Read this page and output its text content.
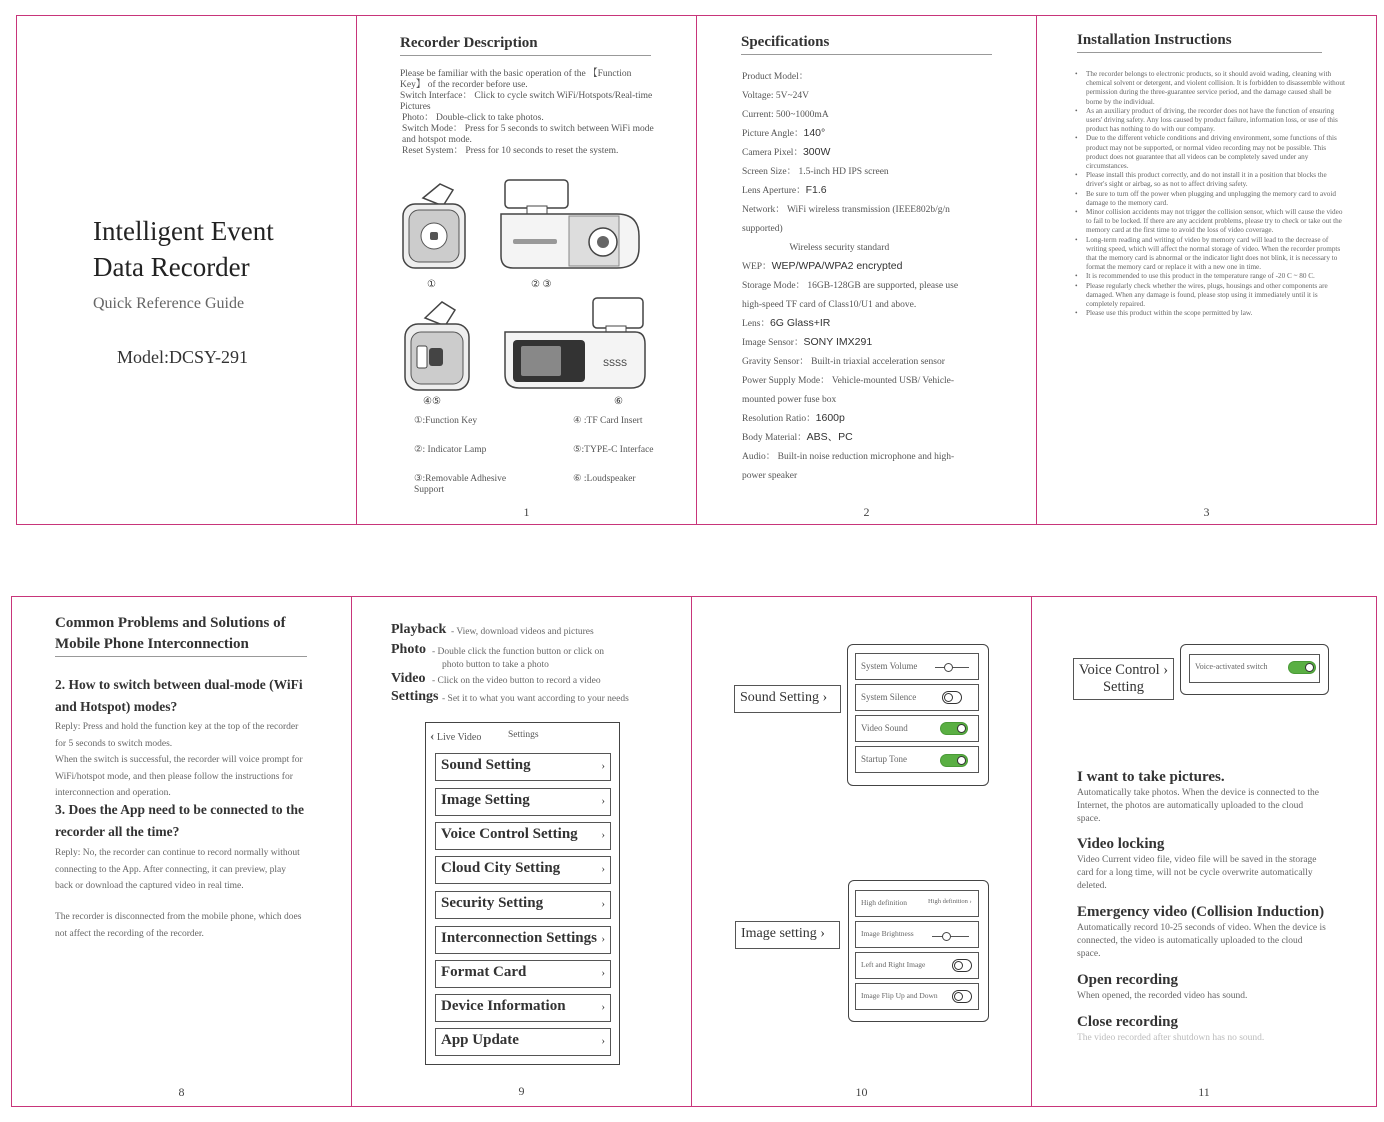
Intelligent Event
Data Recorder
Quick Reference Guide
Model:DCSY-291
Recorder Description
Please be familiar with the basic operation of the 【Function Key】 of the recorder before use.
Switch Interface： Click to cycle switch WiFi/Hotspots/Real-time Pictures
Photo： Double-click to take photos.
Switch Mode： Press for 5 seconds to switch between WiFi mode and hotspot mode.
Reset System： Press for 10 seconds to reset the system.
①	② ③
ЅЅЅЅ
④⑤	⑥
①:Function Key
②: Indicator Lamp
③:Removable Adhesive Support
④ :TF Card Insert
⑤:TYPE-C Interface
⑥ :Loudspeaker
1
Specifications
Product Model：
Voltage: 5V~24V
Current: 500~1000mA
Picture Angle：140°
Camera Pixel：300W
Screen Size： 1.5-inch HD IPS screen
Lens Aperture：F1.6
Network： WiFi wireless transmission (IEEE802b/g/n
supported)
Wireless security standard
WEP：WEP/WPA/WPA2 encrypted
Storage Mode： 16GB-128GB are supported, please use
high-speed TF card of Class10/U1 and above.
Lens：6G Glass+IR
Image Sensor：SONY IMX291
Gravity Sensor： Built-in triaxial acceleration sensor
Power Supply Mode： Vehicle-mounted USB/ Vehicle-
mounted power fuse box
Resolution Ratio：1600p
Body Material：ABS、PC
Audio： Built-in noise reduction microphone and high-
power speaker
2
Installation Instructions
• The recorder belongs to electronic products, so it should avoid wading, cleaning with chemical solvent or detergent, and violent collision. It is forbidden to disassemble without permission during the three-guarantee service period, and the damage caused shall be borne by the individual.
• As an auxiliary product of driving, the recorder does not have the function of ensuring users' driving safety. Any loss caused by product failure, information loss, or use of this product has nothing to do with our company.
• Due to the different vehicle conditions and driving environment, some functions of this product may not be supported, or normal video recording may not be possible. This product does not guarantee that all videos can be completely saved under any circumstances.
• Please install this product correctly, and do not install it in a position that blocks the driver's sight or airbag, so as not to affect driving safety.
• Be sure to turn off the power when plugging and unplugging the memory card to avoid damage to the memory card.
• Minor collision accidents may not trigger the collision sensor, which will cause the video to fail to be locked. If there are any accident problems, please try to check or take out the memory card at the first time to avoid the loss of video coverage.
• Long-term reading and writing of video by memory card will lead to the decrease of writing speed, which will affect the normal storage of video. When the recorder prompts that the memory card is abnormal or the indicator light does not blink, it is necessary to format the memory card or replace it with a new one in time.
• It is recommended to use this product in the temperature range of -20 C ~ 80 C.
• Please regularly check whether the wires, plugs, housings and other components are damaged. When any damage is found, please stop using it immediately until it is completely repaired.
• Please use this product within the scope permitted by law.
3
Common Problems and Solutions of
Mobile Phone Interconnection
2. How to switch between dual-mode (WiFi
and Hotspot) modes?
Reply: Press and hold the function key at the top of the recorder for 5 seconds to switch modes.
When the switch is successful, the recorder will voice prompt for WiFi/hotspot mode, and then please follow the instructions for interconnection and operation.
3. Does the App need to be connected to the
recorder all the time?
Reply: No, the recorder can continue to record normally without connecting to the App. After connecting, it can preview, play back or download the captured video in real time.
The recorder is disconnected from the mobile phone, which does not affect the recording of the recorder.
8
Playback - View, download videos and pictures
Photo - Double click the function button or click on
photo button to take a photo
Video - Click on the video button to record a video
Settings - Set it to what you want according to your needs
‹ Live Video	Settings
Sound Setting	›
Image Setting	›
Voice Control Setting ›
Cloud City Setting	›
Security Setting	›
Interconnection Settings ›
Format Card	›
Device Information	›
App Update	›
9
Sound Setting ›
System Volume
System Silence
Video Sound
Startup Tone
Image setting ›
High definition	High definition ›
Image Brightness
Left and Right Image
Image Flip Up and Down
10
Voice Control ›
Setting
Voice-activated switch
I want to take pictures.
Automatically take photos. When the device is connected to the Internet, the photos are automatically uploaded to the cloud space.
Video locking
Video Current video file, video file will be saved in the storage card for a long time, will not be cycle overwrite automatically deleted.
Emergency video (Collision Induction)
Automatically record 10-25 seconds of video. When the device is connected, the video is automatically uploaded to the cloud space.
Open recording
When opened, the recorded video has sound.
Close recording
The video recorded after shutdown has no sound.
11
